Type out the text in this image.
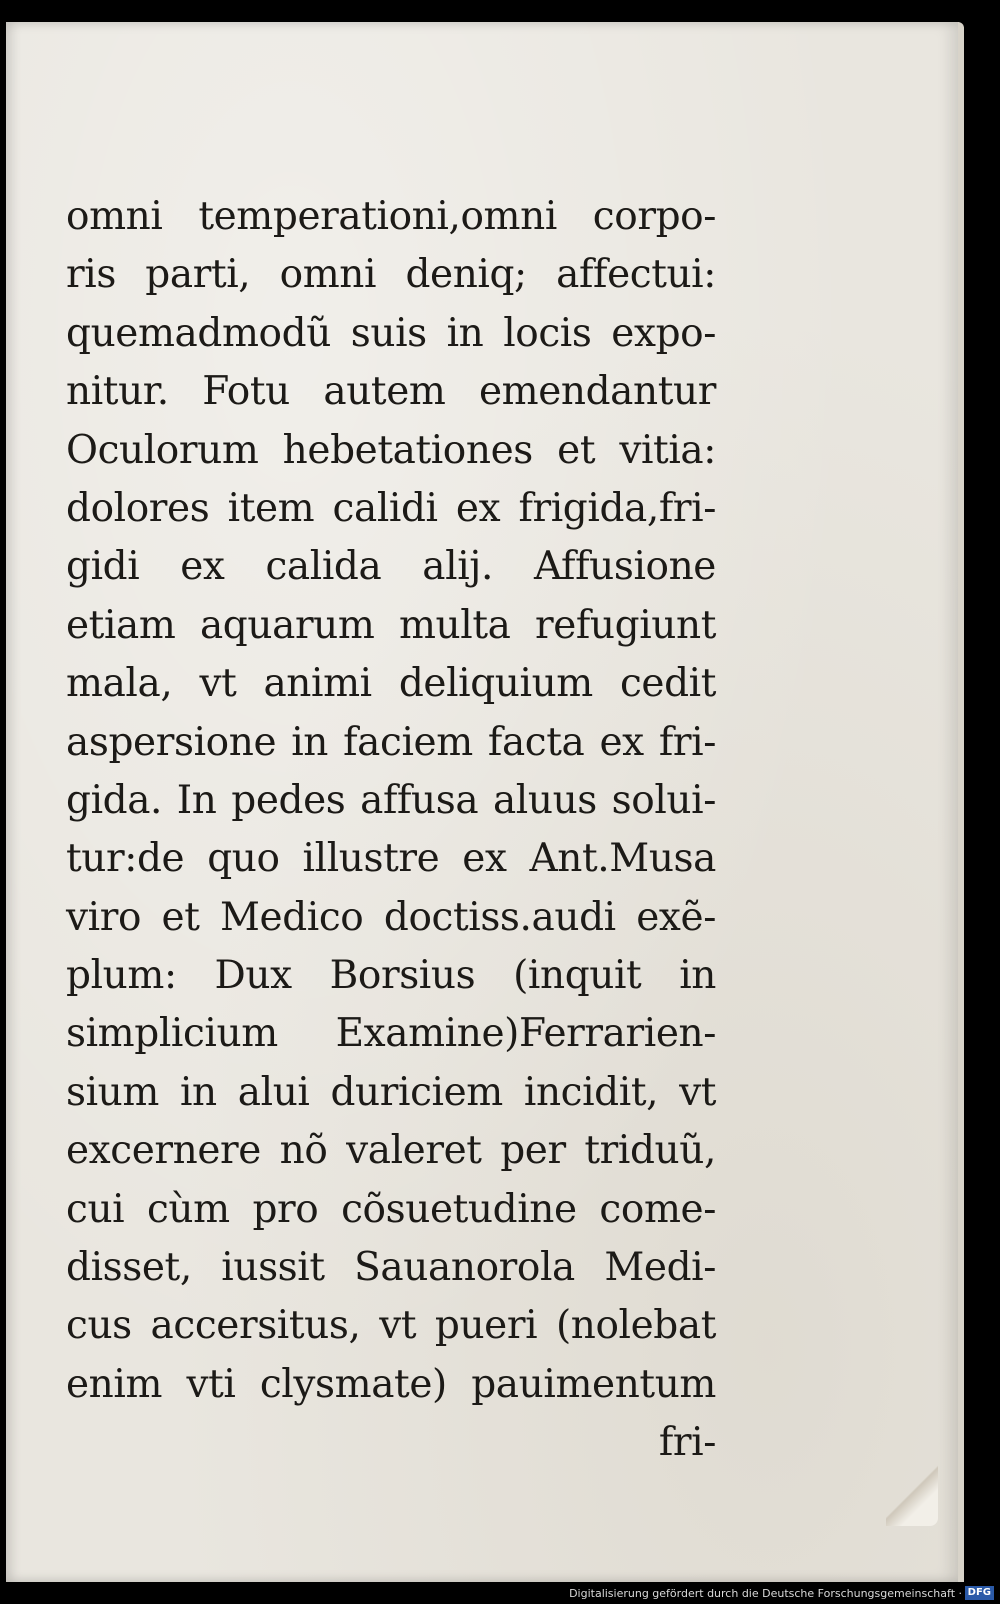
omni temperationi,omni corpo-
ris parti, omni deniq; affectui:
quemadmodũ suis in locis expo-
nitur. Fotu autem emendantur
Oculorum hebetationes et vitia:
dolores item calidi ex frigida,fri-
gidi ex calida alij. Affusione
etiam aquarum multa refugiunt
mala, vt animi deliquium cedit
aspersione in faciem facta ex fri-
gida. In pedes affusa aluus solui-
tur:de quo illustre ex Ant.Musa
viro et Medico doctiss.audi exẽ-
plum: Dux Borsius (inquit in
simplicium Examine)Ferrarien-
sium in alui duriciem incidit, vt
excernere nõ valeret per triduũ,
cui cùm pro cõsuetudine come-
disset, iussit Sauanorola Medi-
cus accersitus, vt pueri (nolebat
enim vti clysmate) pauimentum
fri-
Digitalisierung gefördert durch die Deutsche Forschungsgemeinschaft · DFG
